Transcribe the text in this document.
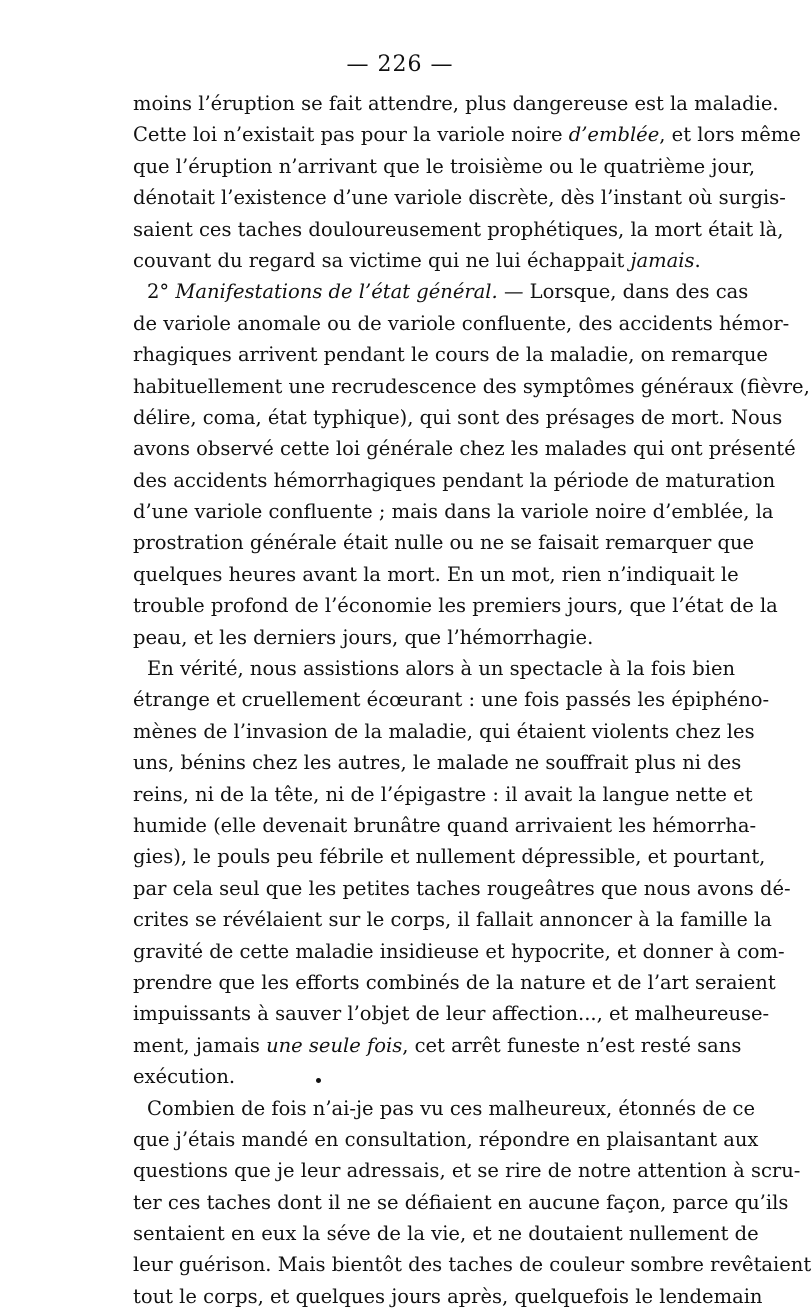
— 226 —
moins l’éruption se fait attendre, plus dangereuse est la maladie.
Cette loi n’existait pas pour la variole noire d’emblée, et lors même
que l’éruption n’arrivant que le troisième ou le quatrième jour,
dénotait l’existence d’une variole discrète, dès l’instant où surgis-
saient ces taches douloureusement prophétiques, la mort était là,
couvant du regard sa victime qui ne lui échappait jamais.
2° Manifestations de l’état général. — Lorsque, dans des cas
de variole anomale ou de variole confluente, des accidents hémor-
rhagiques arrivent pendant le cours de la maladie, on remarque
habituellement une recrudescence des symptômes généraux (fièvre,
délire, coma, état typhique), qui sont des présages de mort. Nous
avons observé cette loi générale chez les malades qui ont présenté
des accidents hémorrhagiques pendant la période de maturation
d’une variole confluente ; mais dans la variole noire d’emblée, la
prostration générale était nulle ou ne se faisait remarquer que
quelques heures avant la mort. En un mot, rien n’indiquait le
trouble profond de l’économie les premiers jours, que l’état de la
peau, et les derniers jours, que l’hémorrhagie.
En vérité, nous assistions alors à un spectacle à la fois bien
étrange et cruellement écœurant : une fois passés les épiphéno-
mènes de l’invasion de la maladie, qui étaient violents chez les
uns, bénins chez les autres, le malade ne souffrait plus ni des
reins, ni de la tête, ni de l’épigastre : il avait la langue nette et
humide (elle devenait brunâtre quand arrivaient les hémorrha-
gies), le pouls peu fébrile et nullement dépressible, et pourtant,
par cela seul que les petites taches rougeâtres que nous avons dé-
crites se révélaient sur le corps, il fallait annoncer à la famille la
gravité de cette maladie insidieuse et hypocrite, et donner à com-
prendre que les efforts combinés de la nature et de l’art seraient
impuissants à sauver l’objet de leur affection..., et malheureuse-
ment, jamais une seule fois, cet arrêt funeste n’est resté sans
exécution.
Combien de fois n’ai-je pas vu ces malheureux, étonnés de ce
que j’étais mandé en consultation, répondre en plaisantant aux
questions que je leur adressais, et se rire de notre attention à scru-
ter ces taches dont il ne se défiaient en aucune façon, parce qu’ils
sentaient en eux la séve de la vie, et ne doutaient nullement de
leur guérison. Mais bientôt des taches de couleur sombre revêtaient
tout le corps, et quelques jours après, quelquefois le lendemain
